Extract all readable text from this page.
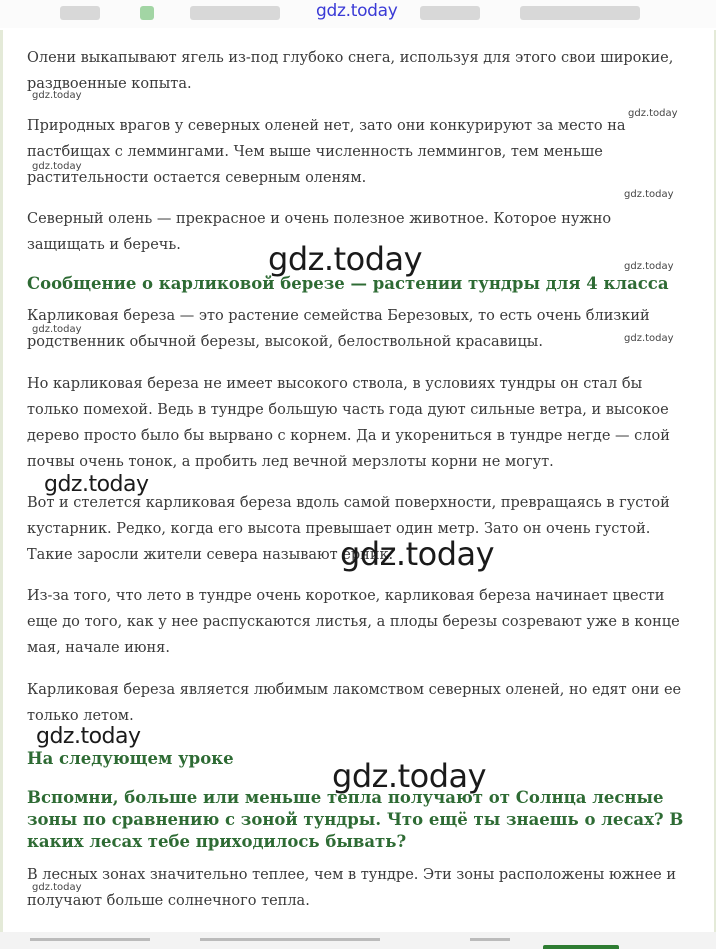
gdz.today

Олени выкапывают ягель из-под глубоко снега, используя для этого свои широкие, раздвоенные копыта.

Природных врагов у северных оленей нет, зато они конкурируют за место на пастбищах с леммингами. Чем выше численность леммингов, тем меньше растительности остается северным оленям.

Северный олень — прекрасное и очень полезное животное. Которое нужно защищать и беречь.

Сообщение о карликовой березе — растении тундры для 4 класса

Карликовая береза — это растение семейства Березовых, то есть очень близкий родственник обычной березы, высокой, белоствольной красавицы.

Но карликовая береза не имеет высокого ствола, в условиях тундры он стал бы только помехой. Ведь в тундре большую часть года дуют сильные ветра, и высокое дерево просто было бы вырвано с корнем. Да и укорениться в тундре негде — слой почвы очень тонок, а пробить лед вечной мерзлоты корни не могут.

Вот и стелется карликовая береза вдоль самой поверхности, превращаясь в густой кустарник. Редко, когда его высота превышает один метр. Зато он очень густой. Такие заросли жители севера называют ерник.

Из-за того, что лето в тундре очень короткое, карликовая береза начинает цвести еще до того, как у нее распускаются листья, а плоды березы созревают уже в конце мая, начале июня.

Карликовая береза является любимым лакомством северных оленей, но едят они ее только летом.

На следующем уроке
Вспомни, больше или меньше тепла получают от Солнца лесные зоны по сравнению с зоной тундры. Что ещё ты знаешь о лесах? В каких лесах тебе приходилось бывать?

В лесных зонах значительно теплее, чем в тундре. Эти зоны расположены южнее и получают больше солнечного тепла.

gdz.today
gdz.today
gdz.today
gdz.today
gdz.today
gdz.today
gdz.today
gdz.today
gdz.today
gdz.today
gdz.today
gdz.today
gdz.today
